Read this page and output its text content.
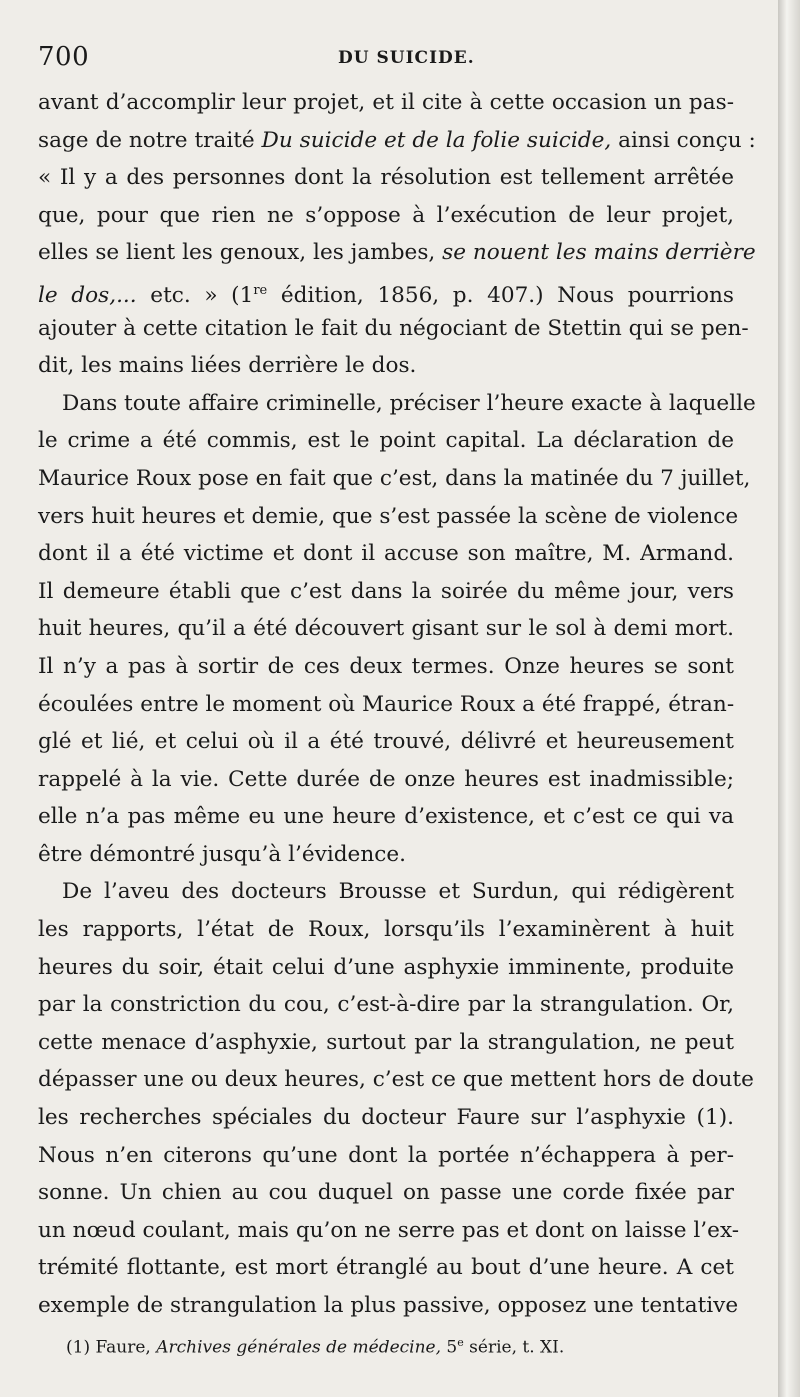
700	DU SUICIDE.
avant d’accomplir leur projet, et il cite à cette occasion un pas-
sage de notre traité Du suicide et de la folie suicide, ainsi conçu :
« Il y a des personnes dont la résolution est tellement arrêtée
que, pour que rien ne s’oppose à l’exécution de leur projet,
elles se lient les genoux, les jambes, se nouent les mains derrière
le dos,... etc. » (1re édition, 1856, p. 407.) Nous pourrions
ajouter à cette citation le fait du négociant de Stettin qui se pen-
dit, les mains liées derrière le dos.
Dans toute affaire criminelle, préciser l’heure exacte à laquelle
le crime a été commis, est le point capital. La déclaration de
Maurice Roux pose en fait que c’est, dans la matinée du 7 juillet,
vers huit heures et demie, que s’est passée la scène de violence
dont il a été victime et dont il accuse son maître, M. Armand.
Il demeure établi que c’est dans la soirée du même jour, vers
huit heures, qu’il a été découvert gisant sur le sol à demi mort.
Il n’y a pas à sortir de ces deux termes. Onze heures se sont
écoulées entre le moment où Maurice Roux a été frappé, étran-
glé et lié, et celui où il a été trouvé, délivré et heureusement
rappelé à la vie. Cette durée de onze heures est inadmissible;
elle n’a pas même eu une heure d’existence, et c’est ce qui va
être démontré jusqu’à l’évidence.
De l’aveu des docteurs Brousse et Surdun, qui rédigèrent
les rapports, l’état de Roux, lorsqu’ils l’examinèrent à huit
heures du soir, était celui d’une asphyxie imminente, produite
par la constriction du cou, c’est-à-dire par la strangulation. Or,
cette menace d’asphyxie, surtout par la strangulation, ne peut
dépasser une ou deux heures, c’est ce que mettent hors de doute
les recherches spéciales du docteur Faure sur l’asphyxie (1).
Nous n’en citerons qu’une dont la portée n’échappera à per-
sonne. Un chien au cou duquel on passe une corde fixée par
un nœud coulant, mais qu’on ne serre pas et dont on laisse l’ex-
trémité flottante, est mort étranglé au bout d’une heure. A cet
exemple de strangulation la plus passive, opposez une tentative
(1) Faure, Archives générales de médecine, 5e série, t. XI.
